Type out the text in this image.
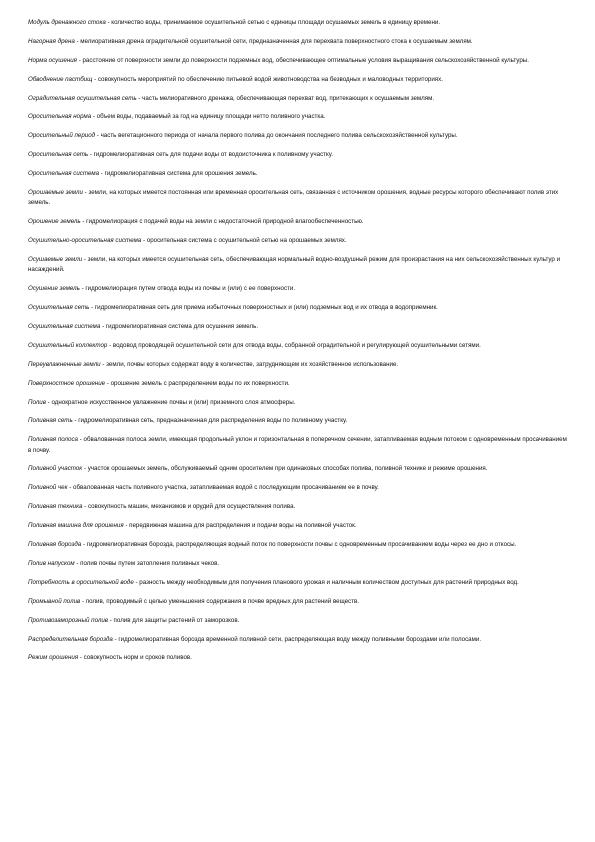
Модуль дренажного стока - количество воды, принимаемое осушительной сетью с единицы площади осушаемых земель в единицу времени.

Нагорная дрена - мелиоративная дрена оградительной осушительной сети, предназначенная для перехвата поверхностного стока к осушаемым землям.

Норма осушения - расстояние от поверхности земли до поверхности подземных вод, обеспечивающее оптимальные условия выращивания сельскохозяйственной культуры.

Обводнение пастбищ - совокупность мероприятий по обеспечению питьевой водой животноводства на безводных и маловодных территориях.

Оградительная осушительная сеть - часть мелиоративного дренажа, обеспечивающая перехват вод, притекающих к осушаемым землям.

Оросительная норма - объем воды, подаваемый за год на единицу площади нетто поливного участка.

Оросительный период - часть вегетационного периода от начала первого полива до окончания последнего полива сельскохозяйственной культуры.

Оросительная сеть - гидромелиоративная сеть для подачи воды от водоисточника к поливному участку.

Оросительная система - гидромелиоративная система для орошения земель.

Орошаемые земли - земли, на которых имеется постоянная или временная оросительная сеть, связанная с источником орошения, водные ресурсы которого обеспечивают полив этих земель.

Орошение земель - гидромелиорация с подачей воды на земли с недостаточной природной влагообеспеченностью.

Осушительно-оросительная система - оросительная система с осушительной сетью на орошаемых землях.

Осушаемые земли - земли, на которых имеется осушительная сеть, обеспечивающая нормальный водно-воздушный режим для произрастания на них сельскохозяйственных культур и насаждений.

Осушение земель - гидромелиорация путем отвода воды из почвы и (или) с ее поверхности.

Осушительная сеть - гидромелиоративная сеть для приема избыточных поверхностных и (или) подземных вод и их отвода в водоприемник.

Осушительная система - гидромелиоративная система для осушения земель.

Осушительный коллектор - водовод проводящей осушительной сети для отвода воды, собранной оградительной и регулирующей осушительными сетями.

Переувлажненные земли - земли, почвы которых содержат воду в количестве, затрудняющем их хозяйственное использование.

Поверхностное орошение - орошение земель с распределением воды по их поверхности.

Полив - однократное искусственное увлажнение почвы и (или) приземного слоя атмосферы.

Поливная сеть - гидромелиоративная сеть, предназначенная для распределения воды по поливному участку.

Поливная полоса - обвалованная полоса земли, имеющая продольный уклон и горизонтальная в поперечном сечении, затапливаемая водным потоком с одновременным просачиванием в почву.

Поливной участок - участок орошаемых земель, обслуживаемый одним оросителем при одинаковых способах полива, поливной технике и режиме орошения.

Поливной чек - обвалованная часть поливного участка, затапливаемая водой с последующим просачиванием ее в почву.

Поливная техника - совокупность машин, механизмов и орудий для осуществления полива.

Поливная машина для орошения - передвижная машина для распределения и подачи воды на поливной участок.

Поливная борозда - гидромелиоративная борозда, распределяющая водный поток по поверхности почвы с одновременным просачиванием воды через ее дно и откосы.

Полив напуском - полив почвы путем затопления поливных чеков.

Потребность в оросительной воде - разность между необходимым для получения планового урожая и наличным количеством доступных для растений природных вод.

Промывной полив - полив, проводимый с целью уменьшения содержания в почве вредных для растений веществ.

Противозаморозный полив - полив для защиты растений от заморозков.

Распределительная борозда - гидромелиоративная борозда временной поливной сети, распределяющая воду между поливными бороздами или полосами.

Режим орошения - совокупность норм и сроков поливов.
